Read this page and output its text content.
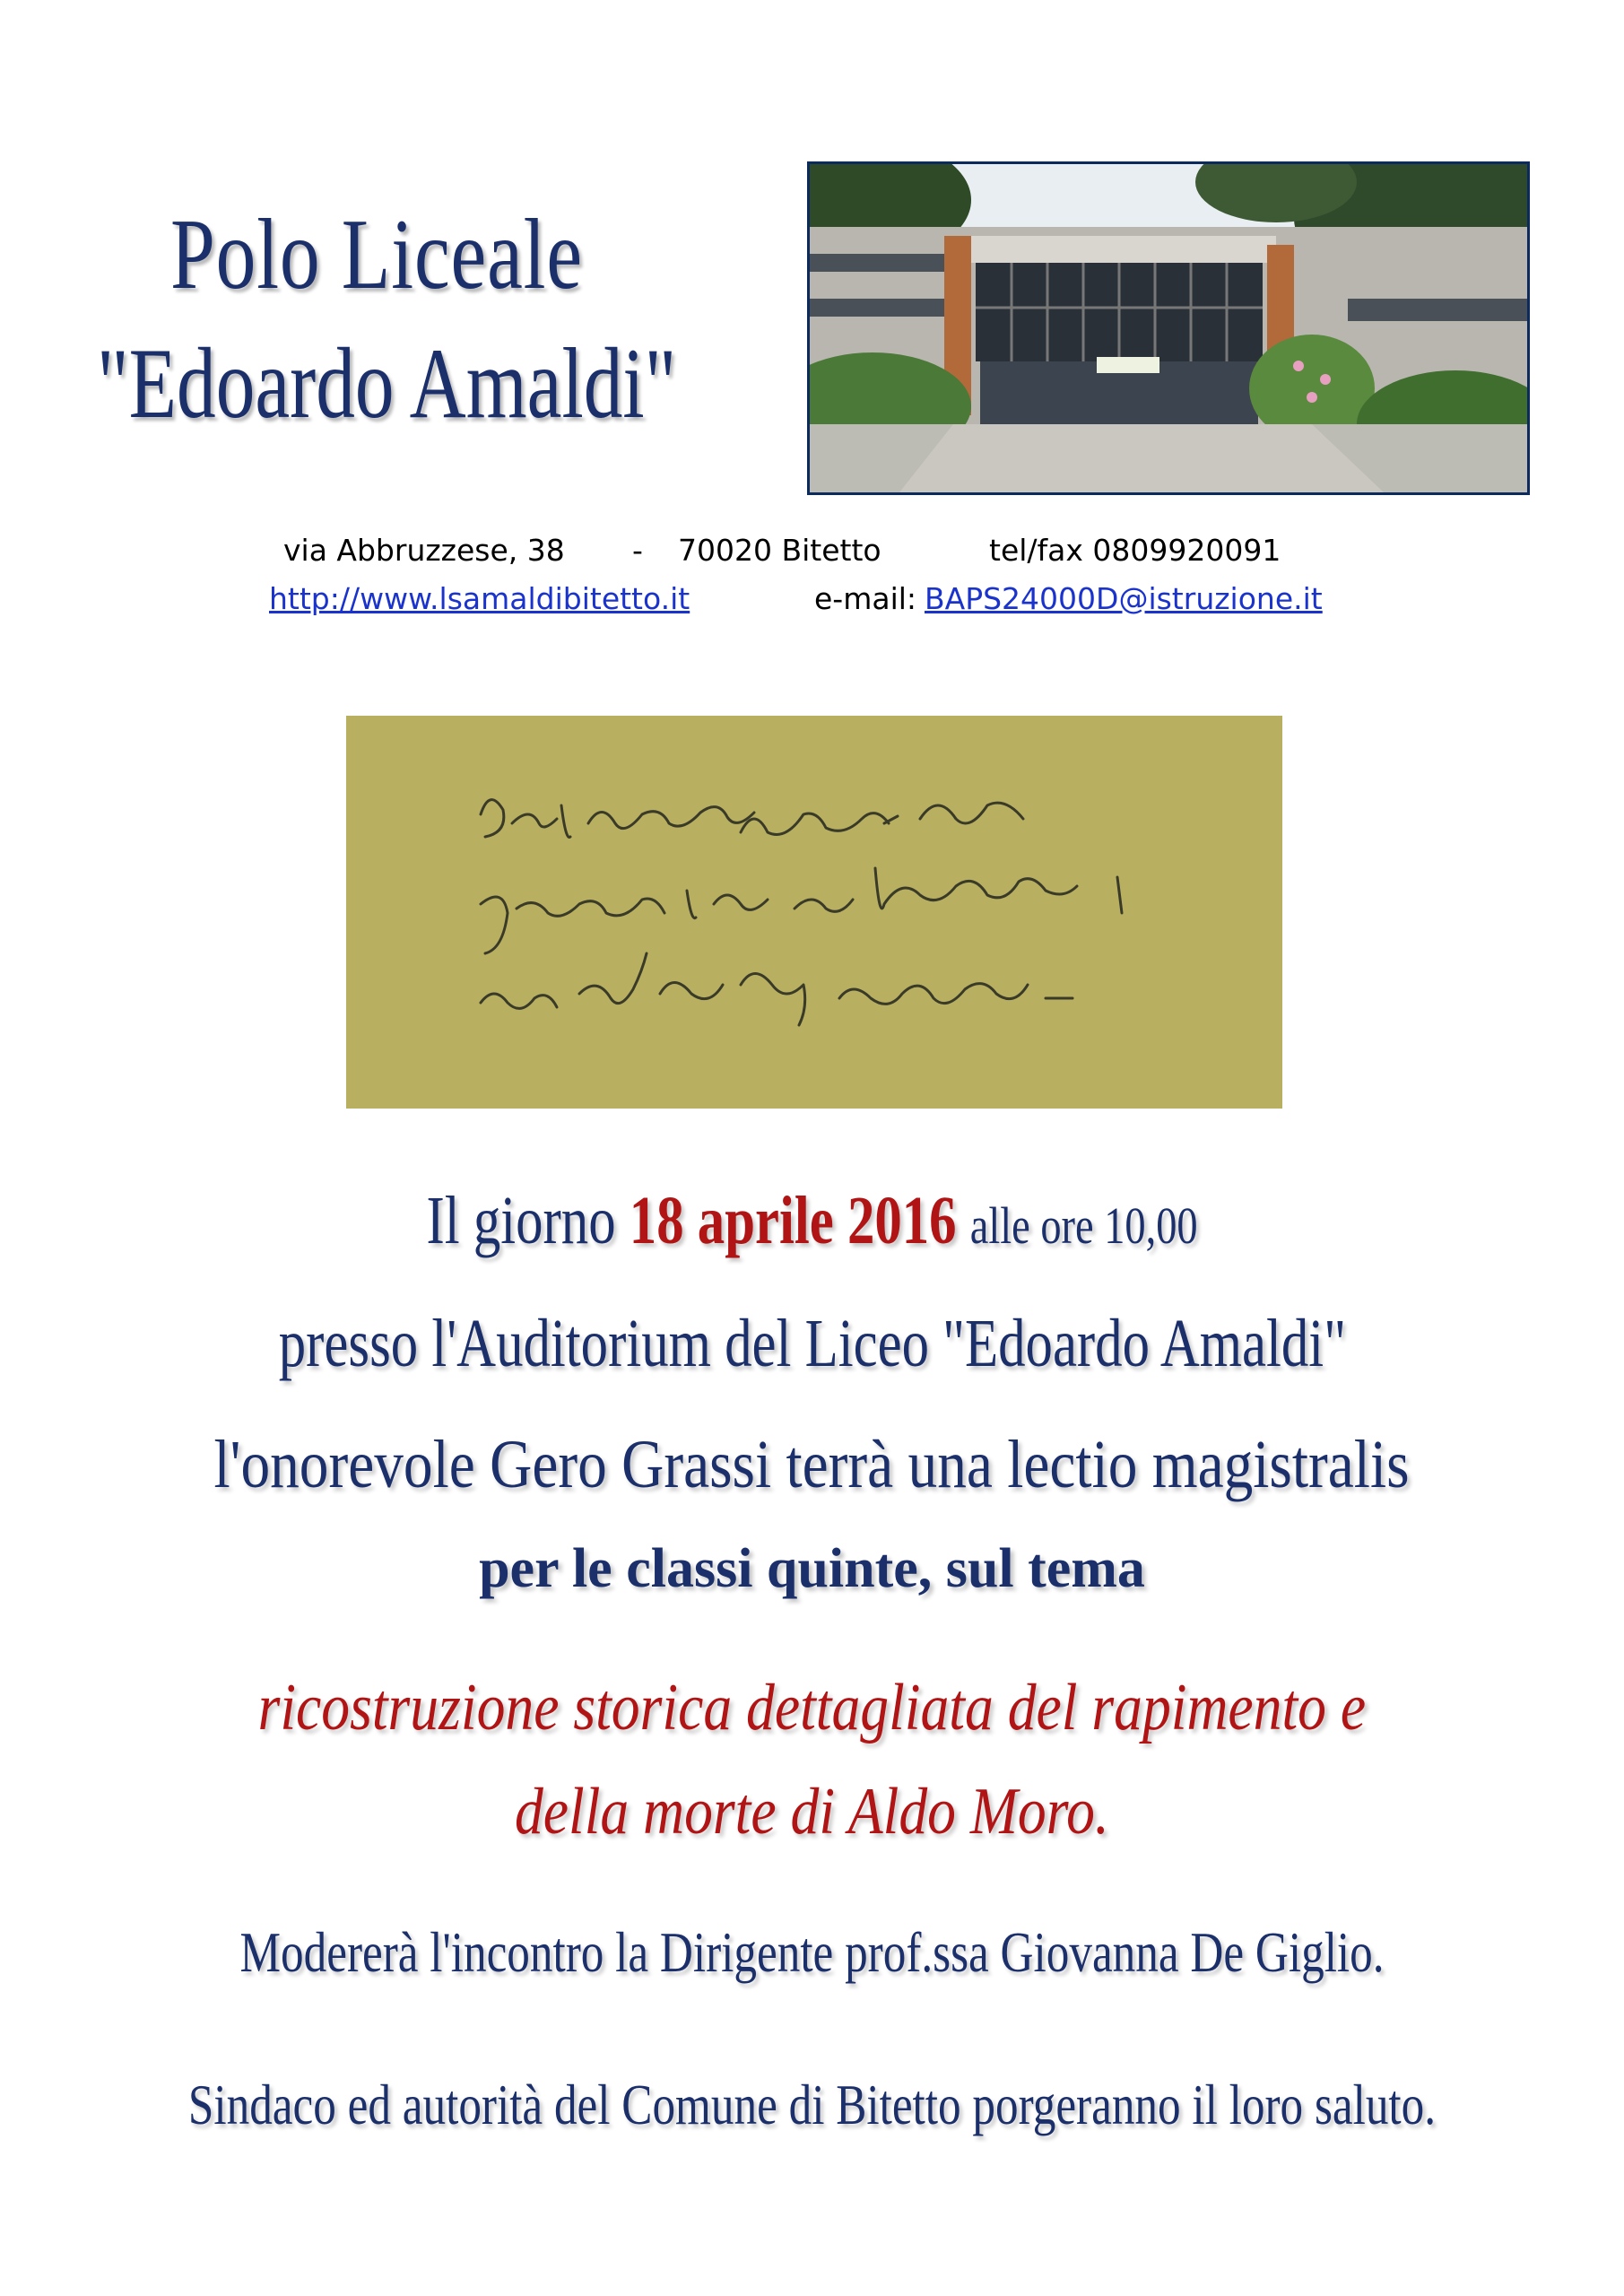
Polo Liceale
"Edoardo Amaldi"
via Abbruzzese, 38 - 70020 Bitetto	tel/fax 0809920091
http://www.lsamaldibitetto.it	e-mail: BAPS24000D@istruzione.it
Il giorno 18 aprile 2016 alle ore 10,00
presso l'Auditorium del Liceo "Edoardo Amaldi"
l'onorevole Gero Grassi terrà una lectio magistralis
per le classi quinte, sul tema
ricostruzione storica dettagliata del rapimento e
della morte di Aldo Moro.
Modererà l'incontro la Dirigente prof.ssa Giovanna De Giglio.
Sindaco ed autorità del Comune di Bitetto porgeranno il loro saluto.
